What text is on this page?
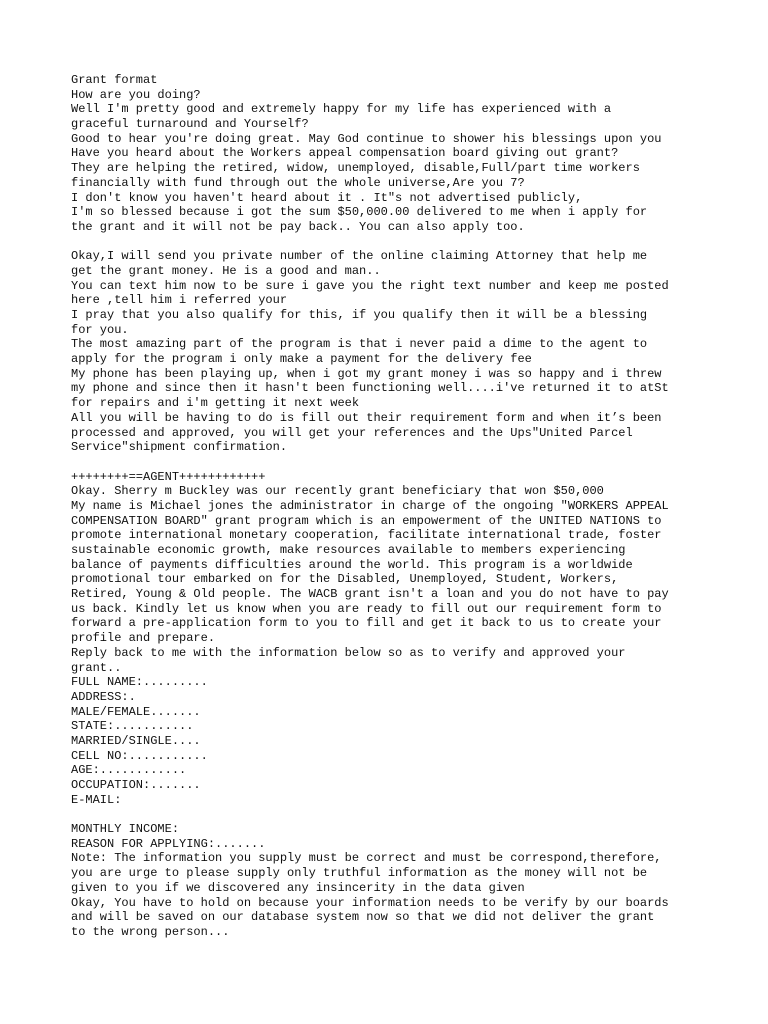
Grant format
How are you doing?
Well I'm pretty good and extremely happy for my life has experienced with a
graceful turnaround and Yourself?
Good to hear you're doing great. May God continue to shower his blessings upon you
Have you heard about the Workers appeal compensation board giving out grant?
They are helping the retired, widow, unemployed, disable,Full/part time workers
financially with fund through out the whole universe,Are you 7?
I don't know you haven't heard about it . It"s not advertised publicly,
I'm so blessed because i got the sum $50,000.00 delivered to me when i apply for
the grant and it will not be pay back.. You can also apply too.
Okay,I will send you private number of the online claiming Attorney that help me
get the grant money. He is a good and man..
You can text him now to be sure i gave you the right text number and keep me posted
here ,tell him i referred your
I pray that you also qualify for this, if you qualify then it will be a blessing
for you.
The most amazing part of the program is that i never paid a dime to the agent to
apply for the program i only make a payment for the delivery fee
My phone has been playing up, when i got my grant money i was so happy and i threw
my phone and since then it hasn't been functioning well....i've returned it to atSt
for repairs and i'm getting it next week
All you will be having to do is fill out their requirement form and when it’s been
processed and approved, you will get your references and the Ups"United Parcel
Service"shipment confirmation.
++++++++==AGENT++++++++++++
Okay. Sherry m Buckley was our recently grant beneficiary that won $50,000
My name is Michael jones the administrator in charge of the ongoing "WORKERS APPEAL
COMPENSATION BOARD" grant program which is an empowerment of the UNITED NATIONS to
promote international monetary cooperation, facilitate international trade, foster
sustainable economic growth, make resources available to members experiencing
balance of payments difficulties around the world. This program is a worldwide
promotional tour embarked on for the Disabled, Unemployed, Student, Workers,
Retired, Young & Old people. The WACB grant isn't a loan and you do not have to pay
us back. Kindly let us know when you are ready to fill out our requirement form to
forward a pre-application form to you to fill and get it back to us to create your
profile and prepare.
Reply back to me with the information below so as to verify and approved your
grant..
FULL NAME:.........
ADDRESS:.
MALE/FEMALE.......
STATE:...........
MARRIED/SINGLE....
CELL NO:...........
AGE:............
OCCUPATION:.......
E-MAIL:
MONTHLY INCOME:
REASON FOR APPLYING:.......
Note: The information you supply must be correct and must be correspond,therefore,
you are urge to please supply only truthful information as the money will not be
given to you if we discovered any insincerity in the data given
Okay, You have to hold on because your information needs to be verify by our boards
and will be saved on our database system now so that we did not deliver the grant
to the wrong person...
